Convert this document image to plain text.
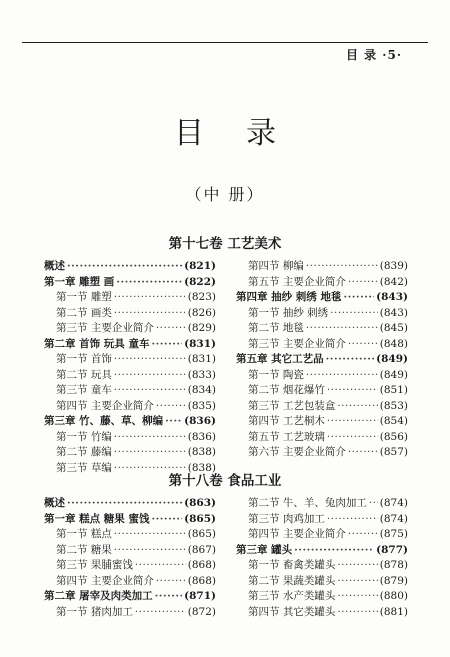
目 录 ·5·
目录
（中 册）
第十七卷 工艺美术
概述 ·····	(821)
第一章 雕塑 画 ·····	(822)
第一节 雕塑 ·····	(823)
第二节 画类 ·····	(826)
第三节 主要企业简介 ·····	(829)
第二章 首饰 玩具 童车 ·····	(831)
第一节 首饰 ·····	(831)
第二节 玩具 ·····	(833)
第三节 童车 ·····	(834)
第四节 主要企业简介 ·····	(835)
第三章 竹、藤、草、柳编 ····· (836)
第一节 竹编 ·····	(836)
第二节 藤编 ·····	(838)
第三节 草编 ·····	(838)
第四节 柳编 ·····	(839)
第五节 主要企业简介 ·····	(842)
第四章 抽纱 刺绣 地毯 ·····	(843)
第一节 抽纱 刺绣 ·····	(843)
第二节 地毯 ·····	(845)
第三节 主要企业简介 ·····	(848)
第五章 其它工艺品 ·····	(849)
第一节 陶瓷 ·····	(849)
第二节 烟花爆竹 ·····	(851)
第三节 工艺包装盒 ·····	(853)
第四节 工艺桐木 ·····	(854)
第五节 工艺玻璃 ·····	(856)
第六节 主要企业简介 ·····	(857)
第十八卷 食品工业
概述 ·····	(863)
第一章 糕点 糖果 蜜饯 ·····	(865)
第一节 糕点 ·····	(865)
第二节 糖果 ·····	(867)
第三节 果脯蜜饯 ·····	(868)
第四节 主要企业简介 ·····	(868)
第二章 屠宰及肉类加工 ·····	(871)
第一节 猪肉加工 ·····	(872)
第二节 牛、羊、兔肉加工 ····· (874)
第三节 肉鸡加工 ·····	(874)
第四节 主要企业简介 ·····	(875)
第三章 罐头 ·····	(877)
第一节 畜禽类罐头 ·····	(878)
第二节 果蔬类罐头 ·····	(879)
第三节 水产类罐头 ·····	(880)
第四节 其它类罐头 ·····	(881)
